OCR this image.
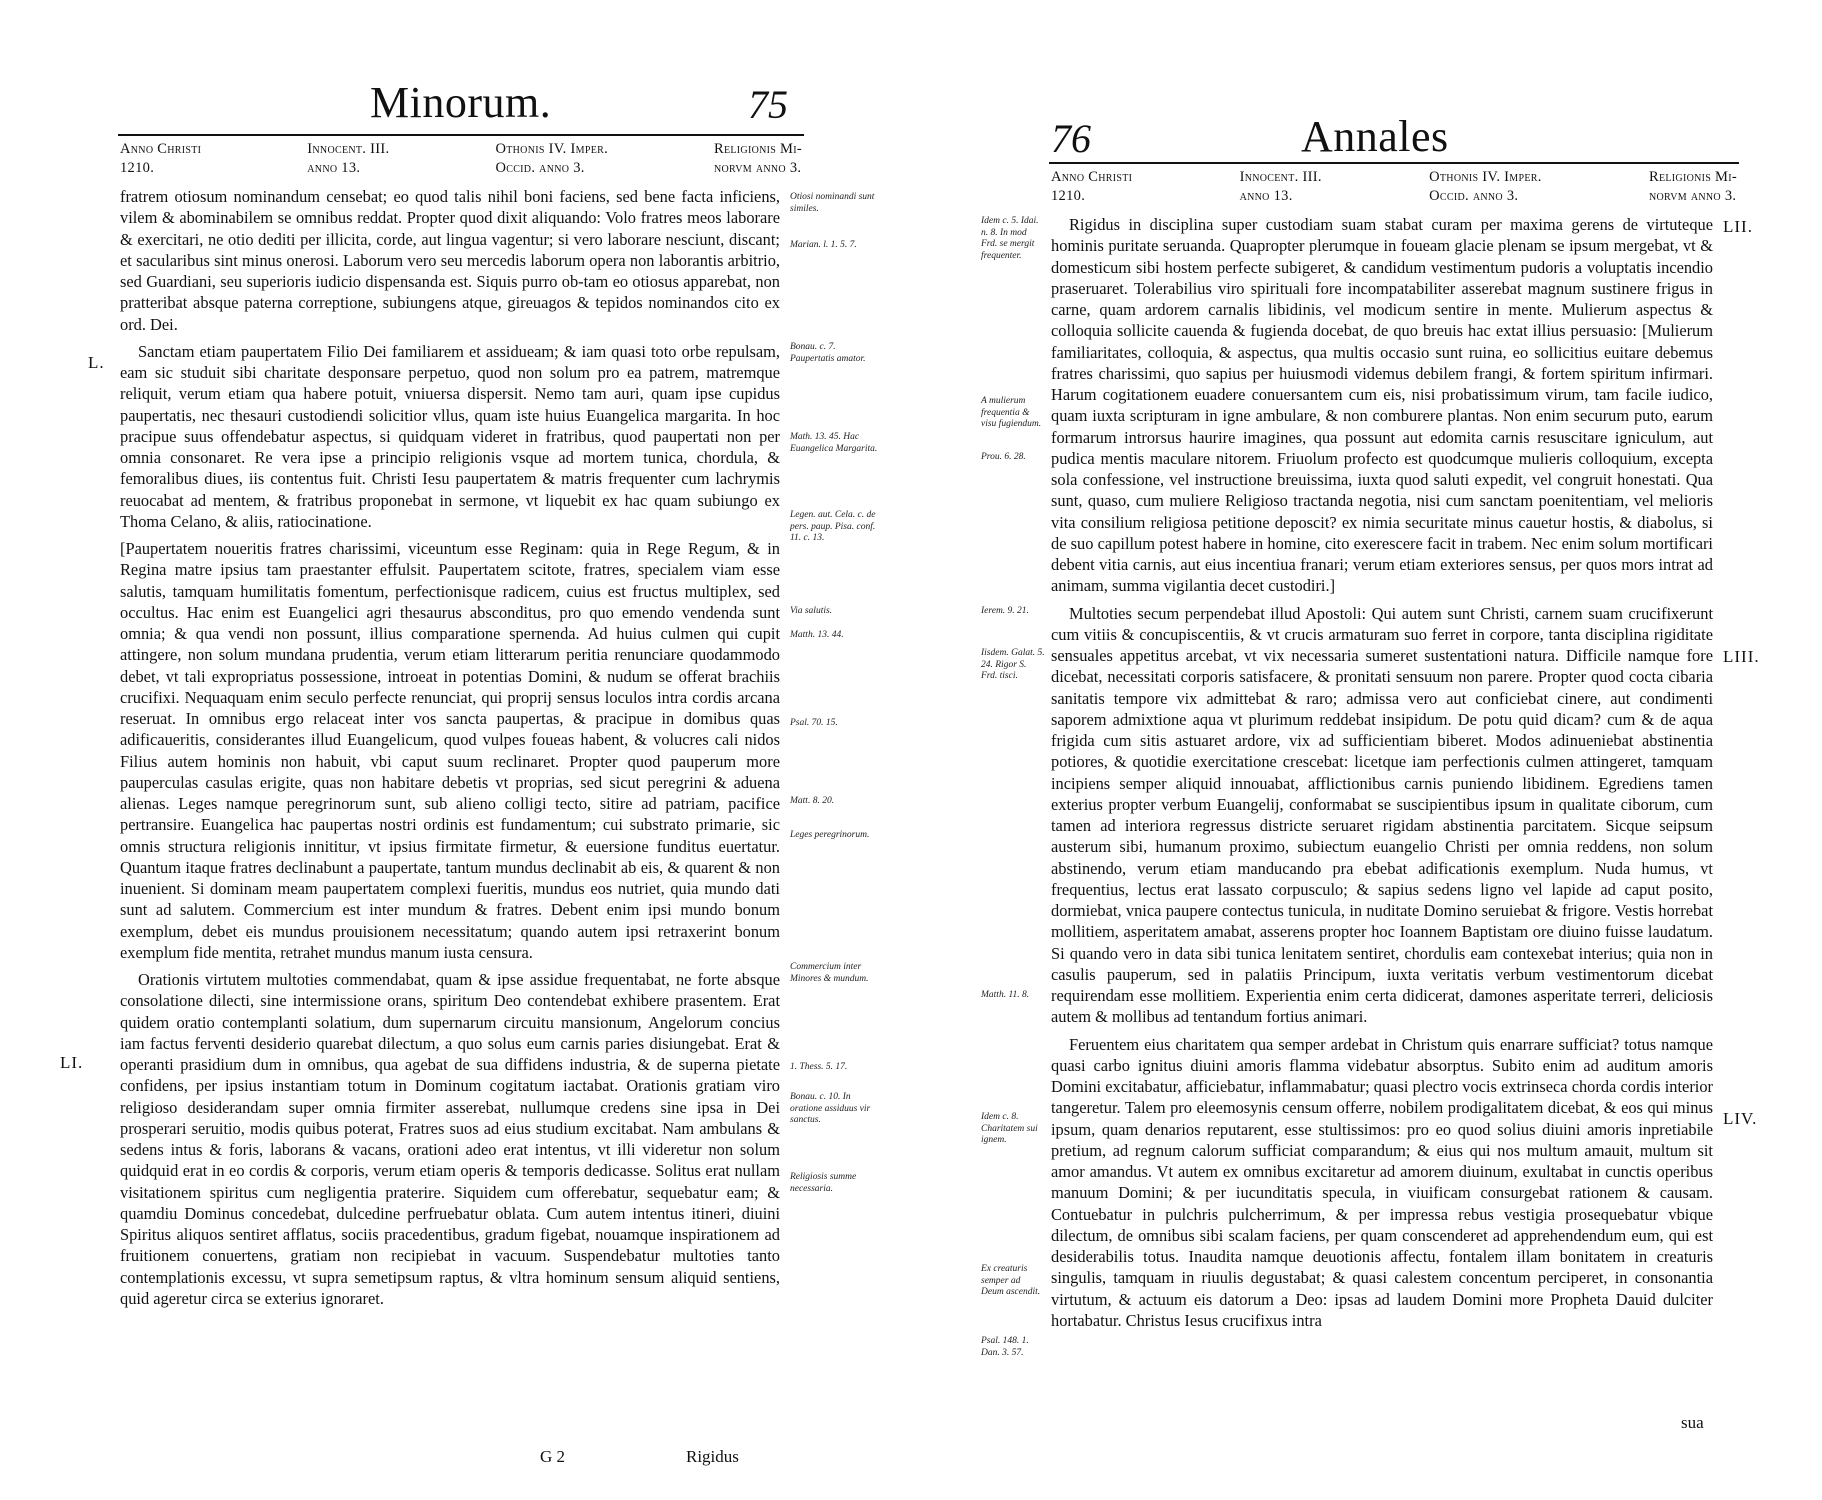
Minorum.	75
Anno Christi
1210.
Innocent. III.
anno 13.
Othonis IV. Imper.
Occid. anno 3.
Religionis Mi-
norvm anno 3.

fratrem otiosum nominandum censebat; eo quod talis nihil boni faciens, sed bene facta inficiens, vilem & abominabilem se omnibus reddat. Propter quod dixit aliquando: Volo fratres meos laborare & exercitari, ne otio dediti per illicita, corde, aut lingua vagentur; si vero laborare nesciunt, discant; et sacularibus sint minus onerosi. Laborum vero seu mercedis laborum opera non laborantis arbitrio, sed Guardiani, seu superioris iudicio dispensanda est. Siquis purro ob-tam eo otiosus apparebat, non pratteribat absque paterna correptione, subiungens atque, gireuagos & tepidos nominandos cito ex ord. Dei.

Sanctam etiam paupertatem Filio Dei familiarem et assidueam; & iam quasi toto orbe repulsam, eam sic studuit sibi charitate desponsare perpetuo, quod non solum pro ea patrem, matremque reliquit, verum etiam qua habere potuit, vniuersa dispersit. Nemo tam auri, quam ipse cupidus paupertatis, nec thesauri custodiendi solicitior vllus, quam iste huius Euangelica margarita. In hoc pracipue suus offendebatur aspectus, si quidquam videret in fratribus, quod paupertati non per omnia consonaret. Re vera ipse a principio religionis vsque ad mortem tunica, chordula, & femoralibus diues, iis contentus fuit. Christi Iesu paupertatem & matris frequenter cum lachrymis reuocabat ad mentem, & fratribus proponebat in sermone, vt liquebit ex hac quam subiungo ex Thoma Celano, & aliis, ratiocinatione.

[Paupertatem noueritis fratres charissimi, viceuntum esse Reginam: quia in Rege Regum, & in Regina matre ipsius tam praestanter effulsit. Paupertatem scitote, fratres, specialem viam esse salutis, tamquam humilitatis fomentum, perfectionisque radicem, cuius est fructus multiplex, sed occultus. Hac enim est Euangelici agri thesaurus absconditus, pro quo emendo vendenda sunt omnia; & qua vendi non possunt, illius comparatione spernenda. Ad huius culmen qui cupit attingere, non solum mundana prudentia, verum etiam litterarum peritia renunciare quodammodo debet, vt tali expropriatus possessione, introeat in potentias Domini, & nudum se offerat brachiis crucifixi. Nequaquam enim seculo perfecte renunciat, qui proprij sensus loculos intra cordis arcana reseruat. In omnibus ergo relaceat inter vos sancta paupertas, & pracipue in domibus quas adificaueritis, considerantes illud Euangelicum, quod vulpes foueas habent, & volucres cali nidos Filius autem hominis non habuit, vbi caput suum reclinaret. Propter quod pauperum more pauperculas casulas erigite, quas non habitare debetis vt proprias, sed sicut peregrini & aduena alienas. Leges namque peregrinorum sunt, sub alieno colligi tecto, sitire ad patriam, pacifice pertransire. Euangelica hac paupertas nostri ordinis est fundamentum; cui substrato primarie, sic omnis structura religionis innititur, vt ipsius firmitate firmetur, & euersione funditus euertatur. Quantum itaque fratres declinabunt a paupertate, tantum mundus declinabit ab eis, & quarent & non inuenient. Si dominam meam paupertatem complexi fueritis, mundus eos nutriet, quia mundo dati sunt ad salutem. Commercium est inter mundum & fratres. Debent enim ipsi mundo bonum exemplum, debet eis mundus prouisionem necessitatum; quando autem ipsi retraxerint bonum exemplum fide mentita, retrahet mundus manum iusta censura.

Orationis virtutem multoties commendabat, quam & ipse assidue frequentabat, ne forte absque consolatione dilecti, sine intermissione orans, spiritum Deo contendebat exhibere prasentem. Erat quidem oratio contemplanti solatium, dum supernarum circuitu mansionum, Angelorum concius iam factus ferventi desiderio quarebat dilectum, a quo solus eum carnis paries disiungebat. Erat & operanti prasidium dum in omnibus, qua agebat de sua diffidens industria, & de superna pietate confidens, per ipsius instantiam totum in Dominum cogitatum iactabat. Orationis gratiam viro religioso desiderandam super omnia firmiter asserebat, nullumque credens sine ipsa in Dei prosperari seruitio, modis quibus poterat, Fratres suos ad eius studium excitabat. Nam ambulans & sedens intus & foris, laborans & vacans, orationi adeo erat intentus, vt illi videretur non solum quidquid erat in eo cordis & corporis, verum etiam operis & temporis dedicasse. Solitus erat nullam visitationem spiritus cum negligentia praterire. Siquidem cum offerebatur, sequebatur eam; & quamdiu Dominus concedebat, dulcedine perfruebatur oblata. Cum autem intentus itineri, diuini Spiritus aliquos sentiret afflatus, sociis pracedentibus, gradum figebat, nouamque inspirationem ad fruitionem conuertens, gratiam non recipiebat in vacuum. Suspendebatur multoties tanto contemplationis excessu, vt supra semetipsum raptus, & vltra hominum sensum aliquid sentiens, quid ageretur circa se exterius ignoraret.

L.
LI.
Otiosi nominandi sunt similes.
Marian. l. 1. 5. 7.
Bonau. c. 7. Paupertatis amator.
Math. 13. 45. Hac Euangelica Margarita.
Legen. aut. Cela. c. de pers. paup. Pisa. conf. 11. c. 13.
Via salutis.
Matth. 13. 44.
Psal. 70. 15.
Matt. 8. 20.
Leges peregrinorum.
Commercium inter Minores & mundum.
1. Thess. 5. 17.
Bonau. c. 10. In oratione assiduus vir sanctus.
Religiosis summe necessaria.
G 2	Rigidus
76	Annales
Anno Christi
1210.
Innocent. III.
anno 13.
Othonis IV. Imper.
Occid. anno 3.
Religionis Mi-
norvm anno 3.

Rigidus in disciplina super custodiam suam stabat curam per maxima gerens de virtuteque hominis puritate seruanda. Quapropter plerumque in foueam glacie plenam se ipsum mergebat, vt & domesticum sibi hostem perfecte subigeret, & candidum vestimentum pudoris a voluptatis incendio praseruaret. Tolerabilius viro spirituali fore incompatabiliter asserebat magnum sustinere frigus in carne, quam ardorem carnalis libidinis, vel modicum sentire in mente. Mulierum aspectus & colloquia sollicite cauenda & fugienda docebat, de quo breuis hac extat illius persuasio: [Mulierum familiaritates, colloquia, & aspectus, qua multis occasio sunt ruina, eo sollicitius euitare debemus fratres charissimi, quo sapius per huiusmodi videmus debilem frangi, & fortem spiritum infirmari. Harum cogitationem euadere conuersantem cum eis, nisi probatissimum virum, tam facile iudico, quam iuxta scripturam in igne ambulare, & non comburere plantas. Non enim securum puto, earum formarum introrsus haurire imagines, qua possunt aut edomita carnis resuscitare igniculum, aut pudica mentis maculare nitorem. Friuolum profecto est quodcumque mulieris colloquium, excepta sola confessione, vel instructione breuissima, iuxta quod saluti expedit, vel congruit honestati. Qua sunt, quaso, cum muliere Religioso tractanda negotia, nisi cum sanctam poenitentiam, vel melioris vita consilium religiosa petitione deposcit? ex nimia securitate minus cauetur hostis, & diabolus, si de suo capillum potest habere in homine, cito exerescere facit in trabem. Nec enim solum mortificari debent vitia carnis, aut eius incentiua franari; verum etiam exteriores sensus, per quos mors intrat ad animam, summa vigilantia decet custodiri.]

Multoties secum perpendebat illud Apostoli: Qui autem sunt Christi, carnem suam crucifixerunt cum vitiis & concupiscentiis, & vt crucis armaturam suo ferret in corpore, tanta disciplina rigiditate sensuales appetitus arcebat, vt vix necessaria sumeret sustentationi natura. Difficile namque fore dicebat, necessitati corporis satisfacere, & pronitati sensuum non parere. Propter quod cocta cibaria sanitatis tempore vix admittebat & raro; admissa vero aut conficiebat cinere, aut condimenti saporem admixtione aqua vt plurimum reddebat insipidum. De potu quid dicam? cum & de aqua frigida cum sitis astuaret ardore, vix ad sufficientiam biberet. Modos adinueniebat abstinentia potiores, & quotidie exercitatione crescebat: licetque iam perfectionis culmen attingeret, tamquam incipiens semper aliquid innouabat, afflictionibus carnis puniendo libidinem. Egrediens tamen exterius propter verbum Euangelij, conformabat se suscipientibus ipsum in qualitate ciborum, cum tamen ad interiora regressus districte seruaret rigidam abstinentia parcitatem. Sicque seipsum austerum sibi, humanum proximo, subiectum euangelio Christi per omnia reddens, non solum abstinendo, verum etiam manducando pra ebebat adificationis exemplum. Nuda humus, vt frequentius, lectus erat lassato corpusculo; & sapius sedens ligno vel lapide ad caput posito, dormiebat, vnica paupere contectus tunicula, in nuditate Domino seruiebat & frigore. Vestis horrebat mollitiem, asperitatem amabat, asserens propter hoc Ioannem Baptistam ore diuino fuisse laudatum. Si quando vero in data sibi tunica lenitatem sentiret, chordulis eam contexebat interius; quia non in casulis pauperum, sed in palatiis Principum, iuxta veritatis verbum vestimentorum dicebat requirendam esse mollitiem. Experientia enim certa didicerat, damones asperitate terreri, deliciosis autem & mollibus ad tentandum fortius animari.

Feruentem eius charitatem qua semper ardebat in Christum quis enarrare sufficiat? totus namque quasi carbo ignitus diuini amoris flamma videbatur absorptus. Subito enim ad auditum amoris Domini excitabatur, afficiebatur, inflammabatur; quasi plectro vocis extrinseca chorda cordis interior tangeretur. Talem pro eleemosynis censum offerre, nobilem prodigalitatem dicebat, & eos qui minus ipsum, quam denarios reputarent, esse stultissimos: pro eo quod solius diuini amoris inpretiabile pretium, ad regnum calorum sufficiat comparandum; & eius qui nos multum amauit, multum sit amor amandus. Vt autem ex omnibus excitaretur ad amorem diuinum, exultabat in cunctis operibus manuum Domini; & per iucunditatis specula, in viuificam consurgebat rationem & causam. Contuebatur in pulchris pulcherrimum, & per impressa rebus vestigia prosequebatur vbique dilectum, de omnibus sibi scalam faciens, per quam conscenderet ad apprehendendum eum, qui est desiderabilis totus. Inaudita namque deuotionis affectu, fontalem illam bonitatem in creaturis singulis, tamquam in riuulis degustabat; & quasi calestem concentum perciperet, in consonantia virtutum, & actuum eis datorum a Deo: ipsas ad laudem Domini more Propheta Dauid dulciter hortabatur. Christus Iesus crucifixus intra

LII.
LIII.
LIV.
Idem c. 5. Idai. n. 8. In mod Frd. se mergit frequenter.
A mulierum frequentia & visu fugiendum.
Prou. 6. 28.
Ierem. 9. 21.
Iisdem. Galat. 5. 24. Rigor S. Frd. tisci.
Matth. 11. 8.
Idem c. 8. Charitatem sui ignem.
Ex creaturis semper ad Deum ascendit.
Psal. 148. 1. Dan. 3. 57.
sua
